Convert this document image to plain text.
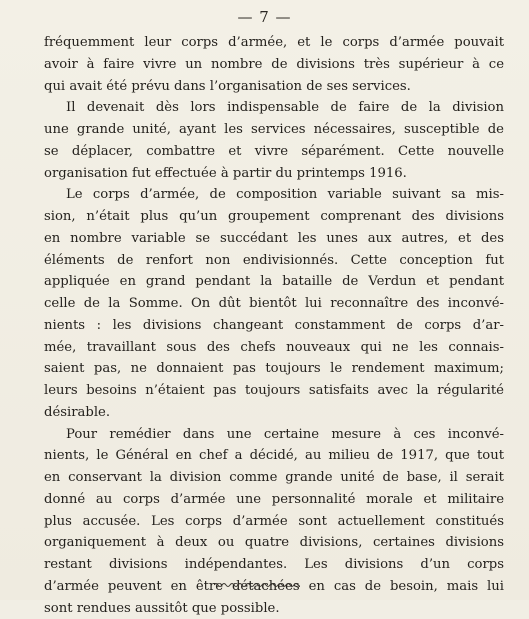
— 7 —
fréquemment leur corps d’armée, et le corps d’armée pouvait
avoir à faire vivre un nombre de divisions très supérieur à ce
qui avait été prévu dans l’organisation de ses services.
Il devenait dès lors indispensable de faire de la division
une grande unité, ayant les services nécessaires, susceptible de
se déplacer, combattre et vivre séparément. Cette nouvelle
organisation fut effectuée à partir du printemps 1916.
Le corps d’armée, de composition variable suivant sa mis-
sion, n’était plus qu’un groupement comprenant des divisions
en nombre variable se succédant les unes aux autres, et des
éléments de renfort non endivisionnés. Cette conception fut
appliquée en grand pendant la bataille de Verdun et pendant
celle de la Somme. On dût bientôt lui reconnaître des inconvé-
nients : les divisions changeant constamment de corps d’ar-
mée, travaillant sous des chefs nouveaux qui ne les connais-
saient pas, ne donnaient pas toujours le rendement maximum;
leurs besoins n’étaient pas toujours satisfaits avec la régularité
désirable.
Pour remédier dans une certaine mesure à ces inconvé-
nients, le Général en chef a décidé, au milieu de 1917, que tout
en conservant la division comme grande unité de base, il serait
donné au corps d’armée une personnalité morale et militaire
plus accusée. Les corps d’armée sont actuellement constitués
organiquement à deux ou quatre divisions, certaines divisions
restant divisions indépendantes. Les divisions d’un corps
d’armée peuvent en être détachées en cas de besoin, mais lui
sont rendues aussitôt que possible.
